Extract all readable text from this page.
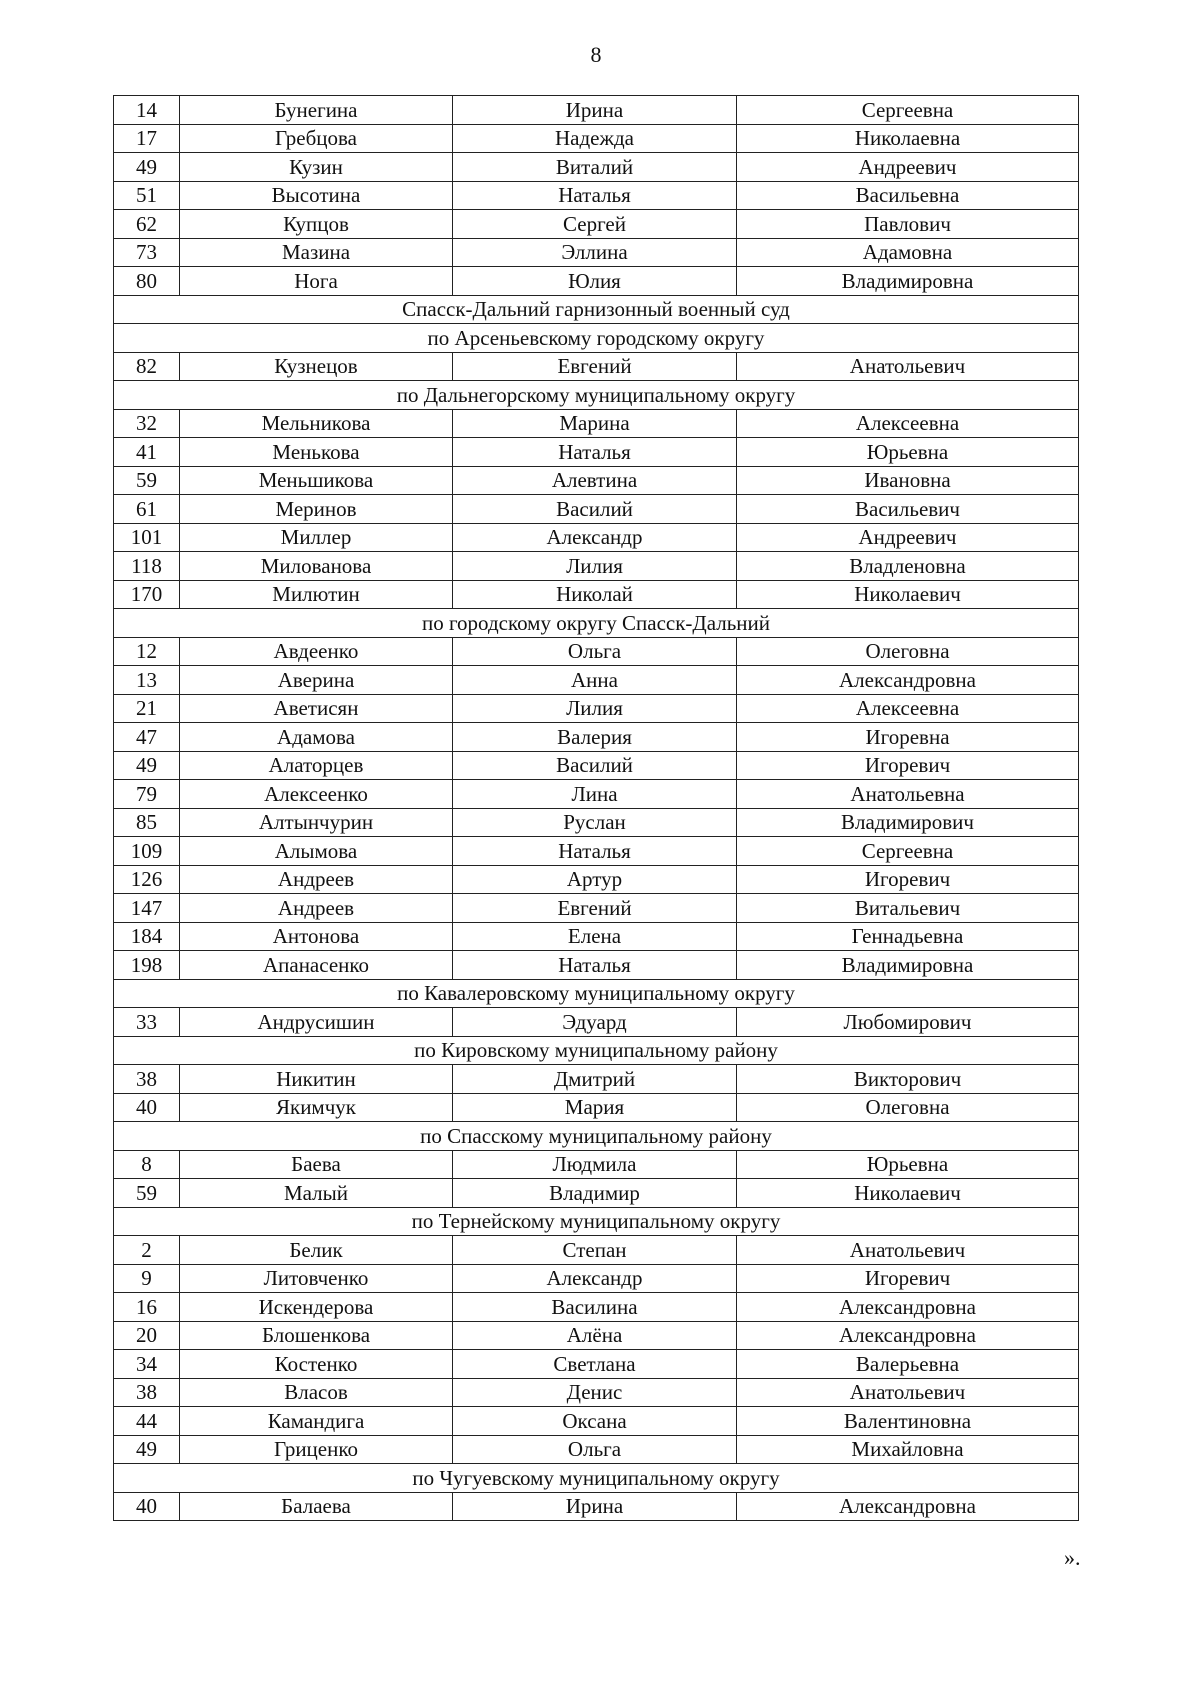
8
14	Бунегина	Ирина	Сергеевна
17	Гребцова	Надежда	Николаевна
49	Кузин	Виталий	Андреевич
51	Высотина	Наталья	Васильевна
62	Купцов	Сергей	Павлович
73	Мазина	Эллина	Адамовна
80	Нога	Юлия	Владимировна
Спасск-Дальний гарнизонный военный суд			
по Арсеньевскому городскому округу			
82	Кузнецов	Евгений	Анатольевич
по Дальнегорскому муниципальному округу			
32	Мельникова	Марина	Алексеевна
41	Менькова	Наталья	Юрьевна
59	Меньшикова	Алевтина	Ивановна
61	Меринов	Василий	Васильевич
101	Миллер	Александр	Андреевич
118	Милованова	Лилия	Владленовна
170	Милютин	Николай	Николаевич
по городскому округу Спасск-Дальний			
12	Авдеенко	Ольга	Олеговна
13	Аверина	Анна	Александровна
21	Аветисян	Лилия	Алексеевна
47	Адамова	Валерия	Игоревна
49	Алаторцев	Василий	Игоревич
79	Алексеенко	Лина	Анатольевна
85	Алтынчурин	Руслан	Владимирович
109	Алымова	Наталья	Сергеевна
126	Андреев	Артур	Игоревич
147	Андреев	Евгений	Витальевич
184	Антонова	Елена	Геннадьевна
198	Апанасенко	Наталья	Владимировна
по Кавалеровскому муниципальному округу			
33	Андрусишин	Эдуард	Любомирович
по Кировскому муниципальному району			
38	Никитин	Дмитрий	Викторович
40	Якимчук	Мария	Олеговна
по Спасскому муниципальному району			
8	Баева	Людмила	Юрьевна
59	Малый	Владимир	Николаевич
по Тернейскому муниципальному округу			
2	Белик	Степан	Анатольевич
9	Литовченко	Александр	Игоревич
16	Искендерова	Василина	Александровна
20	Блошенкова	Алёна	Александровна
34	Костенко	Светлана	Валерьевна
38	Власов	Денис	Анатольевич
44	Камандига	Оксана	Валентиновна
49	Гриценко	Ольга	Михайловна
по Чугуевскому муниципальному округу			
40	Балаева	Ирина	Александровна
».
